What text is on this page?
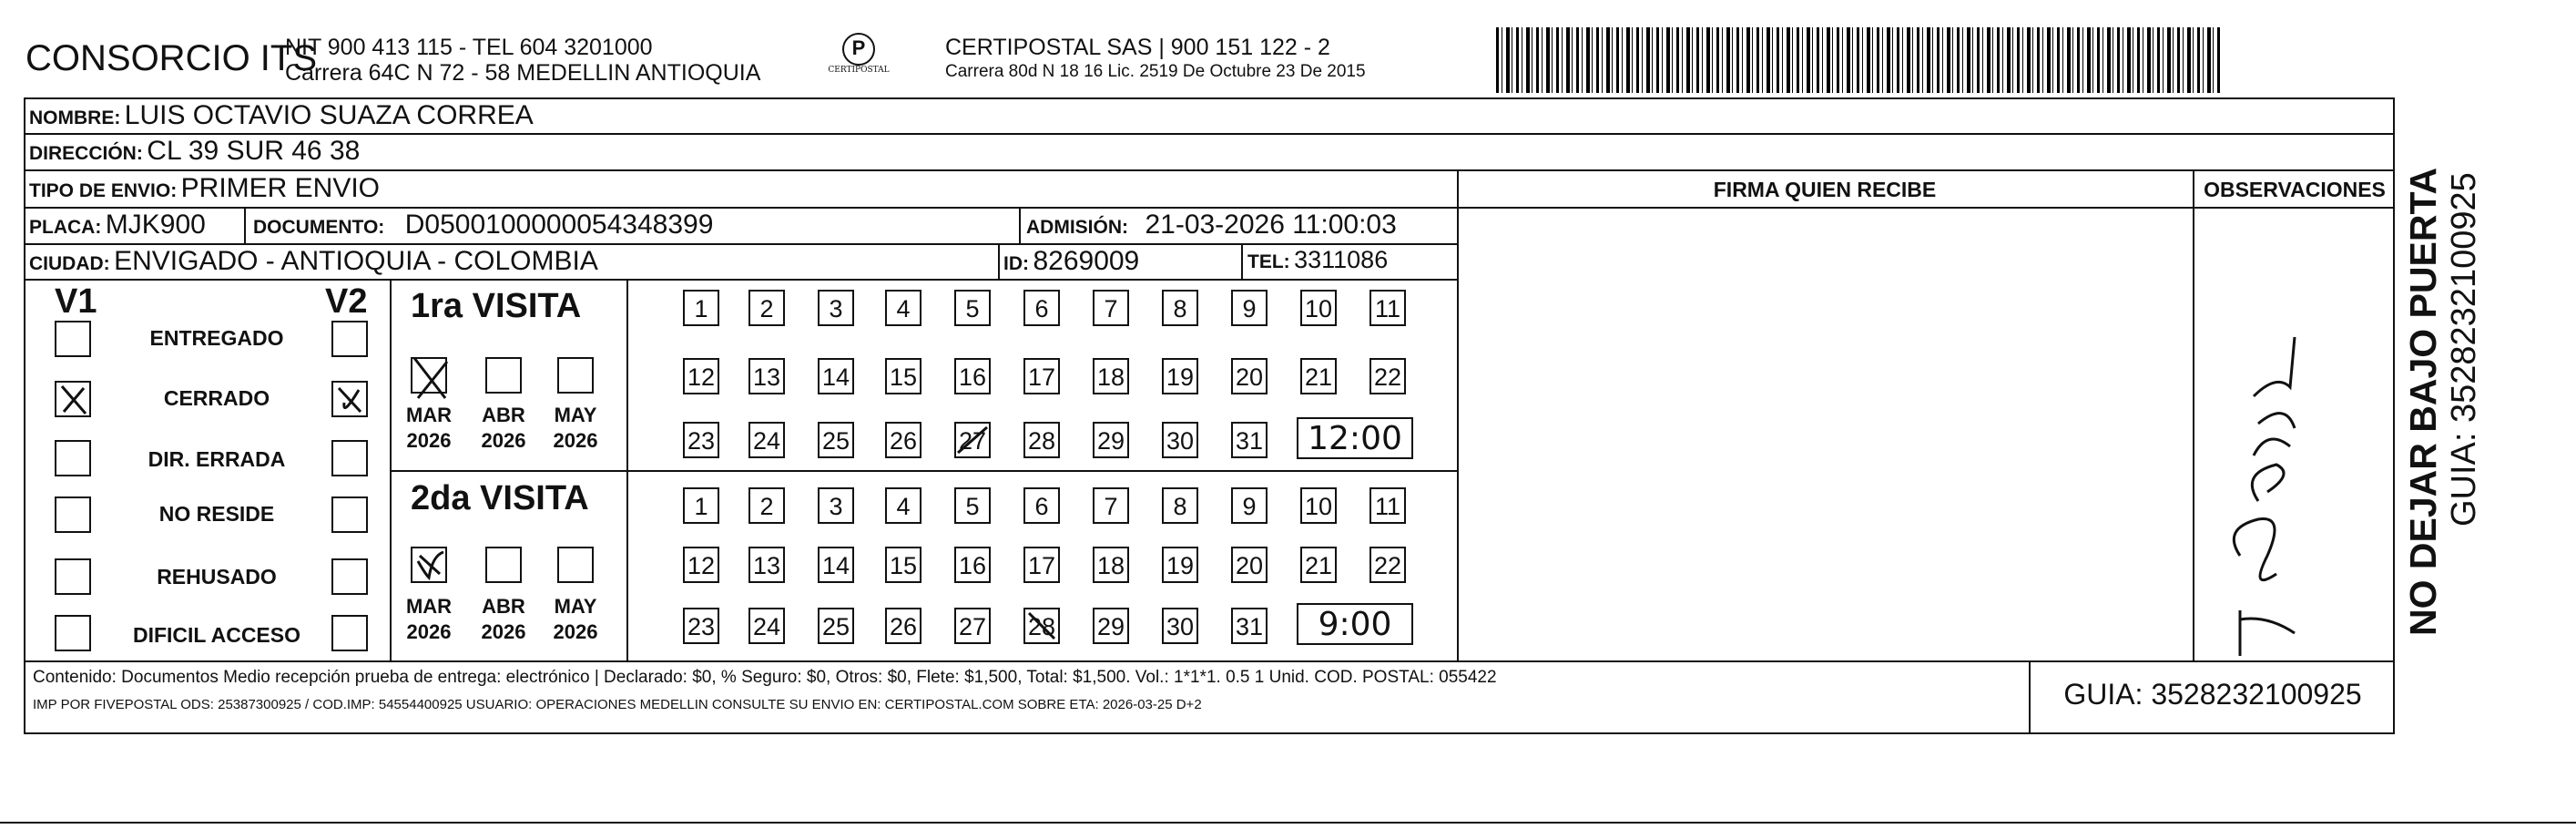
CONSORCIO ITS
NIT 900 413 115 - TEL 604 3201000
Carrera 64C N 72 - 58 MEDELLIN ANTIOQUIA
P
CERTIPOSTAL
CERTIPOSTAL SAS | 900 151 122 - 2
Carrera 80d N 18 16 Lic. 2519 De Octubre 23 De 2015
NOMBRE: LUIS OCTAVIO SUAZA CORREA
DIRECCIÓN: CL 39 SUR 46 38
TIPO DE ENVIO: PRIMER ENVIO
PLACA: MJK900 DOCUMENTO: D0500100000054348399	ADMISIÓN: 21-03-2026 11:00:03
CIUDAD: ENVIGADO - ANTIOQUIA - COLOMBIA	ID: 8269009	TEL: 3311086
FIRMA QUIEN RECIBE	OBSERVACIONES
V1	V2
ENTREGADO
CERRADO
DIR. ERRADA
NO RESIDE
REHUSADO
DIFICIL ACCESO
1ra VISITA
2da VISITA
MAR
2026
ABR
2026
MAY
2026
MAR
2026
ABR
2026
MAY
2026
1	2	3	4	5	6	7	8	9	10 11
12 13 14 15 16 17 18 19 20 21 22
23 24 25 26 27 28 29 30 31	12:00
1	2	3	4	5	6	7	8	9	10 11
12 13 14 15 16 17 18 19 20 21 22
23 24 25 26 27 28 29 30 31	9:00
Contenido: Documentos Medio recepción prueba de entrega: electrónico | Declarado: $0, % Seguro: $0, Otros: $0, Flete: $1,500, Total: $1,500. Vol.: 1*1*1. 0.5 1 Unid. COD. POSTAL: 055422
IMP POR FIVEPOSTAL ODS: 25387300925 / COD.IMP: 54554400925 USUARIO: OPERACIONES MEDELLIN CONSULTE SU ENVIO EN: CERTIPOSTAL.COM SOBRE ETA: 2026-03-25 D+2	GUIA: 3528232100925
NO DEJAR BAJO PUERTA GUIA: 3528232100925
